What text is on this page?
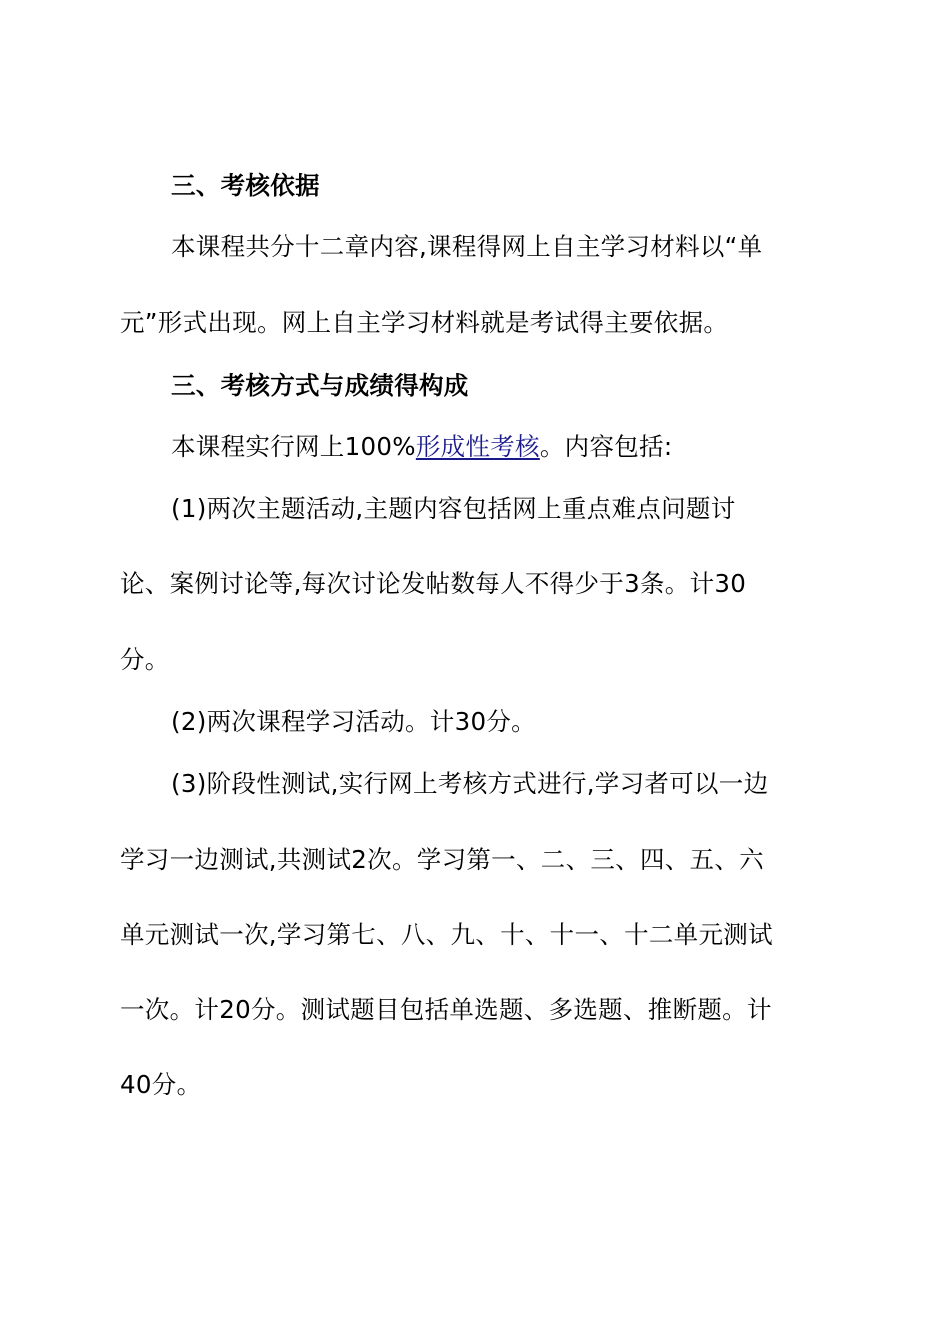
三、考核依据
本课程共分十二章内容,课程得网上自主学习材料以“单
元”形式出现。网上自主学习材料就是考试得主要依据。
三、考核方式与成绩得构成
本课程实行网上100%形成性考核。内容包括:
(1)两次主题活动,主题内容包括网上重点难点问题讨
论、案例讨论等,每次讨论发帖数每人不得少于3条。计30
分。
(2)两次课程学习活动。计30分。
(3)阶段性测试,实行网上考核方式进行,学习者可以一边
学习一边测试,共测试2次。学习第一、二、三、四、五、六
单元测试一次,学习第七、八、九、十、十一、十二单元测试
一次。计20分。测试题目包括单选题、多选题、推断题。计
40分。
